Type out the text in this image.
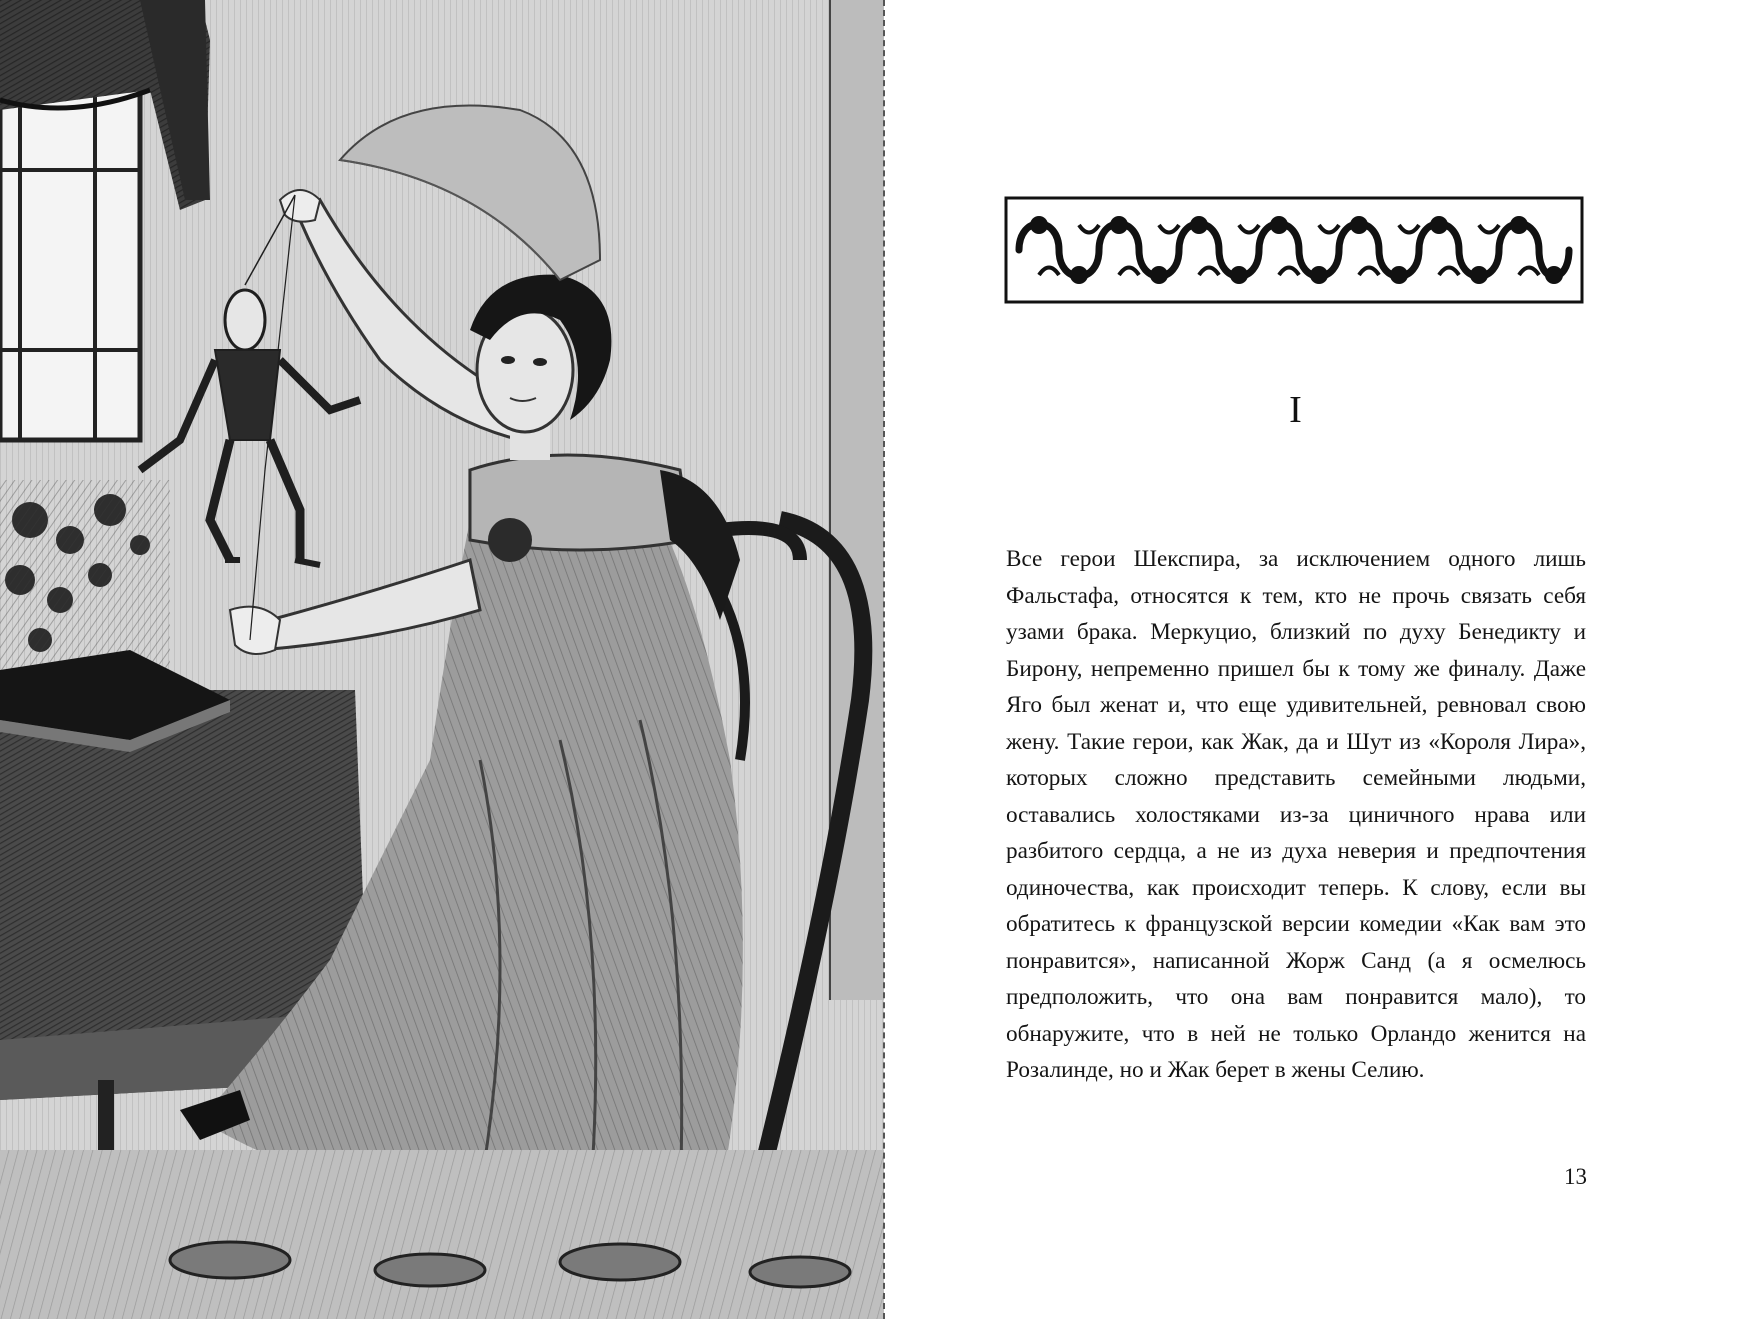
I

Все герои Шекспира, за исключением одного лишь Фальстафа, относятся к тем, кто не прочь связать себя узами брака. Меркуцио, близкий по духу Бенедикту и Бирону, непременно пришел бы к тому же финалу. Даже Яго был женат и, что еще удивительней, ревновал свою жену. Такие герои, как Жак, да и Шут из «Короля Лира», которых сложно представить семейными людьми, оставались холостяками из-за циничного нрава или разбитого сердца, а не из духа неверия и предпочтения одиночества, как происходит теперь. К слову, если вы обратитесь к французской версии комедии «Как вам это понравится», написанной Жорж Санд (а я осмелюсь предположить, что она вам понравится мало), то обнаружите, что в ней не только Орландо женится на Розалинде, но и Жак берет в жены Селию.

13
